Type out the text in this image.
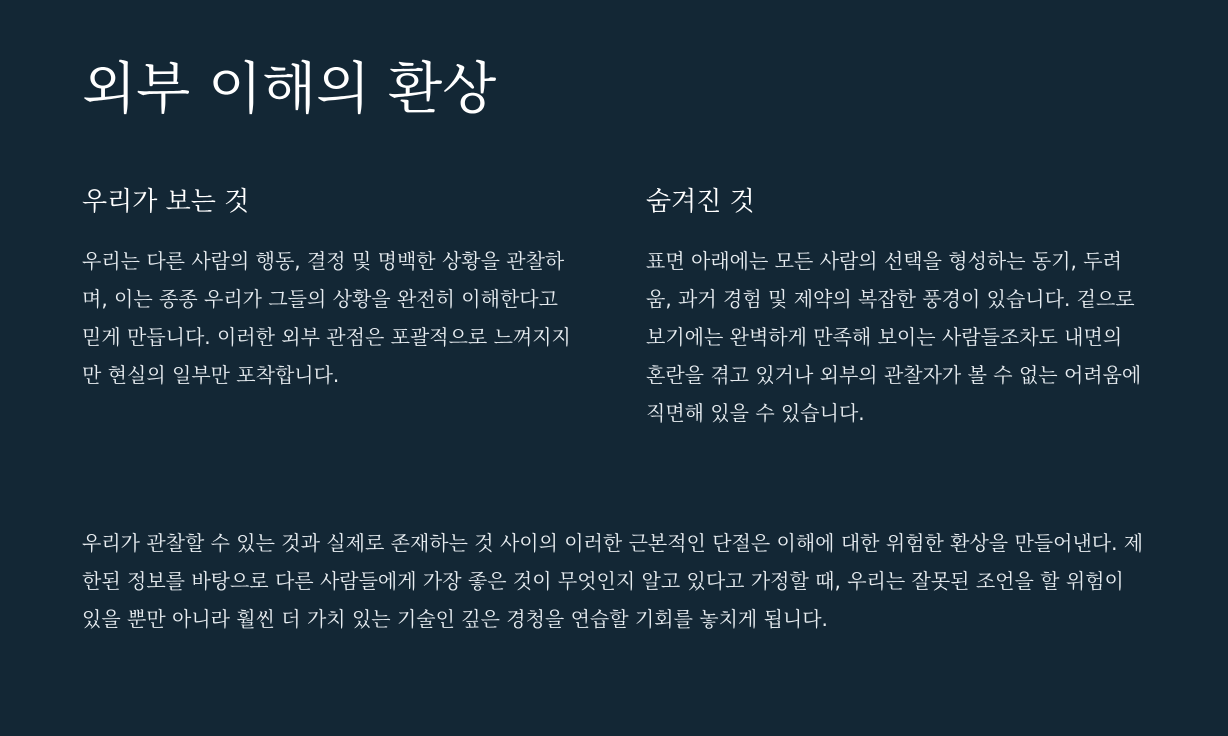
외부 이해의 환상
우리가 보는 것

우리는 다른 사람의 행동, 결정 및 명백한 상황을 관찰하며, 이는 종종 우리가 그들의 상황을 완전히 이해한다고 믿게 만듭니다. 이러한 외부 관점은 포괄적으로 느껴지지만 현실의 일부만 포착합니다.

숨겨진 것

표면 아래에는 모든 사람의 선택을 형성하는 동기, 두려움, 과거 경험 및 제약의 복잡한 풍경이 있습니다. 겉으로 보기에는 완벽하게 만족해 보이는 사람들조차도 내면의 혼란을 겪고 있거나 외부의 관찰자가 볼 수 없는 어려움에 직면해 있을 수 있습니다.

우리가 관찰할 수 있는 것과 실제로 존재하는 것 사이의 이러한 근본적인 단절은 이해에 대한 위험한 환상을 만들어낸다. 제한된 정보를 바탕으로 다른 사람들에게 가장 좋은 것이 무엇인지 알고 있다고 가정할 때, 우리는 잘못된 조언을 할 위험이 있을 뿐만 아니라 훨씬 더 가치 있는 기술인 깊은 경청을 연습할 기회를 놓치게 됩니다.
